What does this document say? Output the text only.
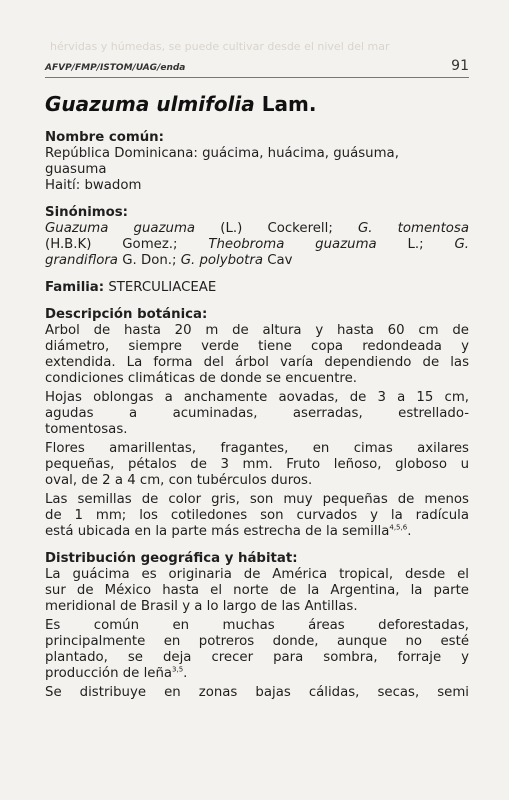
hérvidas y húmedas, se puede cultivar desde el nivel del mar
AFVP/FMP/ISTOM/UAG/enda	91
Guazuma ulmifolia Lam.

Nombre común:

República Dominicana: guácima, huácima, guásuma,

guasuma

Haití: bwadom

Sinónimos:

Guazuma guazuma (L.) Cockerell; G. tomentosa

(H.B.K) Gomez.; Theobroma guazuma L.; G.

grandiflora G. Don.; G. polybotra Cav

Familia: STERCULIACEAE

Descripción botánica:

Arbol de hasta 20 m de altura y hasta 60 cm de

diámetro, siempre verde tiene copa redondeada y

extendida. La forma del árbol varía dependiendo de las

condiciones climáticas de donde se encuentre.

Hojas oblongas a anchamente aovadas, de 3 a 15 cm,

agudas a acuminadas, aserradas, estrellado-

tomentosas.

Flores amarillentas, fragantes, en cimas axilares

pequeñas, pétalos de 3 mm. Fruto leñoso, globoso u

oval, de 2 a 4 cm, con tubérculos duros.

Las semillas de color gris, son muy pequeñas de menos

de 1 mm; los cotiledones son curvados y la radícula

está ubicada en la parte más estrecha de la semilla$^{4,5,6}$.

Distribución geográfica y hábitat:

La guácima es originaria de América tropical, desde el

sur de México hasta el norte de la Argentina, la parte

meridional de Brasil y a lo largo de las Antillas.

Es común en muchas áreas deforestadas,

principalmente en potreros donde, aunque no esté

plantado, se deja crecer para sombra, forraje y

producción de leña$^{3,5}$.

Se distribuye en zonas bajas cálidas, secas, semi
